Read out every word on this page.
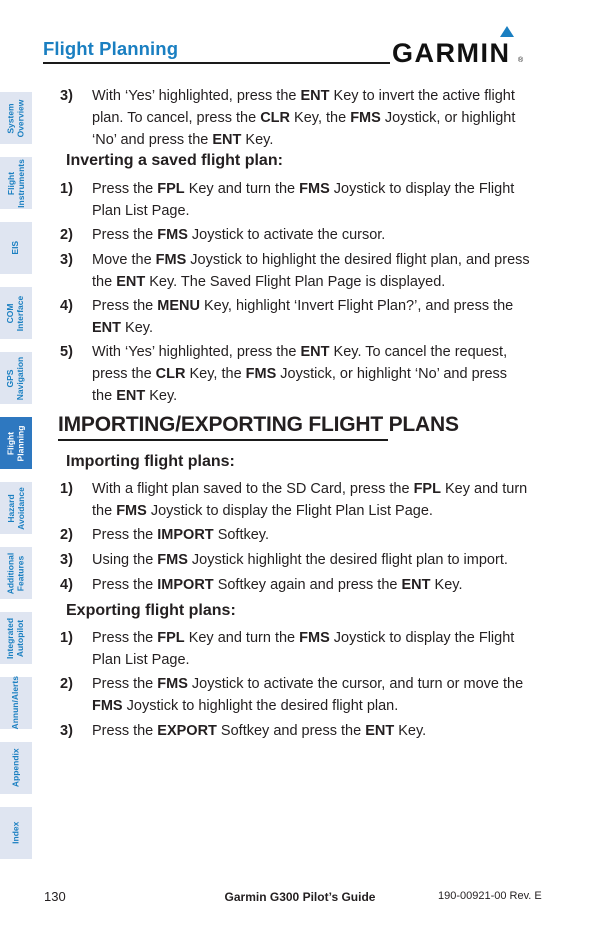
Flight Planning	GARMIN ®
System
Overview
Flight
Instruments
EIS
COM
Interface
GPS
Navigation
Flight
Planning
Hazard
Avoidance
Additional
Features
Integrated
Autopilot
Annun/Alerts
Appendix
Index
3) With ‘Yes’ highlighted, press the ENT Key to invert the active flight plan. To cancel, press the CLR Key, the FMS Joystick, or highlight ‘No’ and press the ENT Key.
Inverting a saved flight plan:
1) Press the FPL Key and turn the FMS Joystick to display the Flight Plan List Page.
2) Press the FMS Joystick to activate the cursor.
3) Move the FMS Joystick to highlight the desired flight plan, and press the ENT Key. The Saved Flight Plan Page is displayed.
4) Press the MENU Key, highlight ‘Invert Flight Plan?’, and press the ENT Key.
5) With ‘Yes’ highlighted, press the ENT Key. To cancel the request, press the CLR Key, the FMS Joystick, or highlight ‘No’ and press the ENT Key.
IMPORTING/EXPORTING FLIGHT PLANS
Importing flight plans:
1) With a flight plan saved to the SD Card, press the FPL Key and turn the FMS Joystick to display the Flight Plan List Page.
2) Press the IMPORT Softkey.
3) Using the FMS Joystick highlight the desired flight plan to import.
4) Press the IMPORT Softkey again and press the ENT Key.
Exporting flight plans:
1) Press the FPL Key and turn the FMS Joystick to display the Flight Plan List Page.
2) Press the FMS Joystick to activate the cursor, and turn or move the FMS Joystick to highlight the desired flight plan.
3) Press the EXPORT Softkey and press the ENT Key.
130	Garmin G300 Pilot’s Guide	190-00921-00 Rev. E
